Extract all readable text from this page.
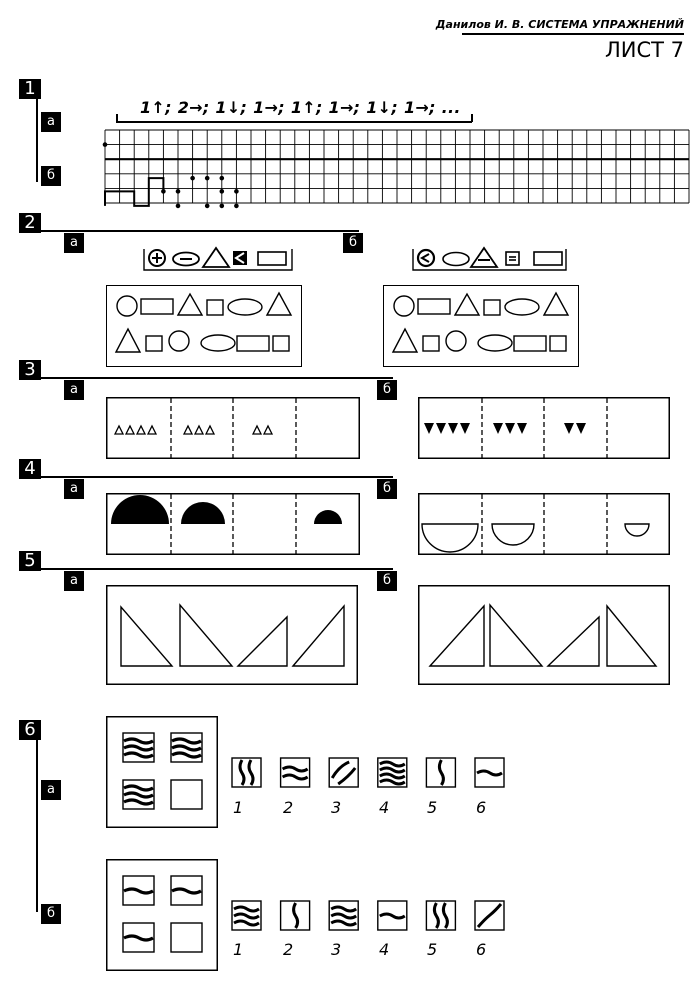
Данилов И. В. СИСТЕМА УПРАЖНЕНИЙ
ЛИСТ 7
1
а
б
1↑; 2→; 1↓; 1→; 1↑; 1→; 1↓; 1→; ...
2
а	б
3
а	б
4
а	б
5
а	б
6
а
б
1 2 3 4 5 6
1 2 3 4 5 6
